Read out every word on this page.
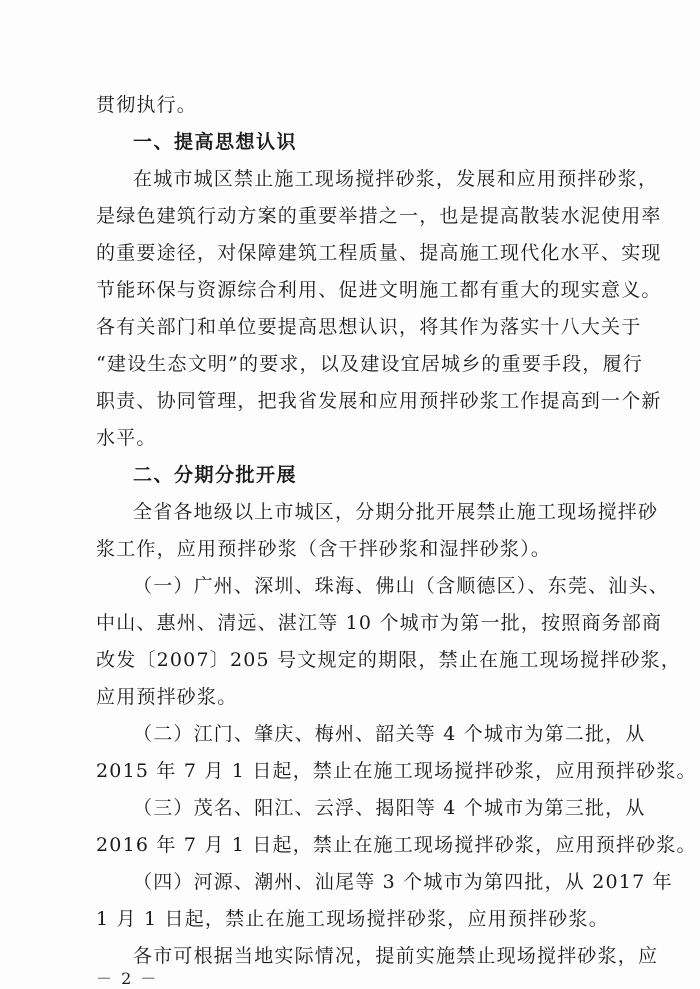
贯彻执行。
一、提高思想认识
在城市城区禁止施工现场搅拌砂浆，发展和应用预拌砂浆，
是绿色建筑行动方案的重要举措之一，也是提高散装水泥使用率
的重要途径，对保障建筑工程质量、提高施工现代化水平、实现
节能环保与资源综合利用、促进文明施工都有重大的现实意义。
各有关部门和单位要提高思想认识，将其作为落实十八大关于
“建设生态文明”的要求，以及建设宜居城乡的重要手段，履行
职责、协同管理，把我省发展和应用预拌砂浆工作提高到一个新
水平。
二、分期分批开展
全省各地级以上市城区，分期分批开展禁止施工现场搅拌砂
浆工作，应用预拌砂浆（含干拌砂浆和湿拌砂浆）。
（一）广州、深圳、珠海、佛山（含顺德区）、东莞、汕头、
中山、惠州、清远、湛江等 10 个城市为第一批，按照商务部商
改发〔2007〕205 号文规定的期限，禁止在施工现场搅拌砂浆，
应用预拌砂浆。
（二）江门、肇庆、梅州、韶关等 4 个城市为第二批，从
2015 年 7 月 1 日起，禁止在施工现场搅拌砂浆，应用预拌砂浆。
（三）茂名、阳江、云浮、揭阳等 4 个城市为第三批，从
2016 年 7 月 1 日起，禁止在施工现场搅拌砂浆，应用预拌砂浆。
（四）河源、潮州、汕尾等 3 个城市为第四批，从 2017 年
1 月 1 日起，禁止在施工现场搅拌砂浆，应用预拌砂浆。
各市可根据当地实际情况，提前实施禁止现场搅拌砂浆，应
－ 2 －
